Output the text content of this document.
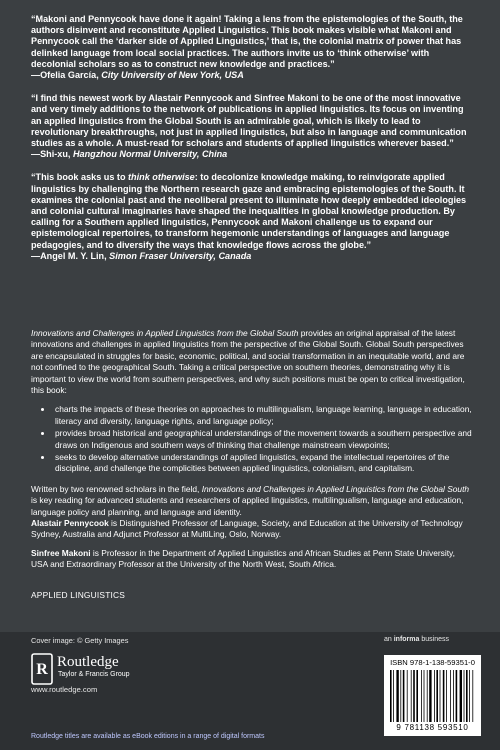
“Makoni and Pennycook have done it again! Taking a lens from the epistemologies of the South, the authors disinvent and reconstitute Applied Linguistics. This book makes visible what Makoni and Pennycook call the ‘darker side of Applied Linguistics,’ that is, the colonial matrix of power that has delinked language from local social practices. The authors invite us to ‘think otherwise’ with decolonial scholars so as to construct new knowledge and practices.”

—Ofelia García, City University of New York, USA

“I find this newest work by Alastair Pennycook and Sinfree Makoni to be one of the most innovative and very timely additions to the network of publications in applied linguistics. Its focus on inventing an applied linguistics from the Global South is an admirable goal, which is likely to lead to revolutionary breakthroughs, not just in applied linguistics, but also in language and communication studies as a whole. A must-read for scholars and students of applied linguistics wherever based.”

—Shi-xu, Hangzhou Normal University, China

“This book asks us to think otherwise: to decolonize knowledge making, to reinvigorate applied linguistics by challenging the Northern research gaze and embracing epistemologies of the South. It examines the colonial past and the neoliberal present to illuminate how deeply embedded ideologies and colonial cultural imaginaries have shaped the inequalities in global knowledge production. By calling for a Southern applied linguistics, Pennycook and Makoni challenge us to expand our epistemological repertoires, to transform hegemonic understandings of languages and language pedagogies, and to diversify the ways that knowledge flows across the globe.”

—Angel M. Y. Lin, Simon Fraser University, Canada

Innovations and Challenges in Applied Linguistics from the Global South provides an original appraisal of the latest innovations and challenges in applied linguistics from the perspective of the Global South. Global South perspectives are encapsulated in struggles for basic, economic, political, and social transformation in an inequitable world, and are not confined to the geographical South. Taking a critical perspective on southern theories, demonstrating why it is important to view the world from southern perspectives, and why such positions must be open to critical investigation, this book:

• charts the impacts of these theories on approaches to multilingualism, language learning, language in education, literacy and diversity, language rights, and language policy;
• provides broad historical and geographical understandings of the movement towards a southern perspective and draws on Indigenous and southern ways of thinking that challenge mainstream viewpoints;
• seeks to develop alternative understandings of applied linguistics, expand the intellectual repertoires of the discipline, and challenge the complicities between applied linguistics, colonialism, and capitalism.

Written by two renowned scholars in the field, Innovations and Challenges in Applied Linguistics from the Global South is key reading for advanced students and researchers of applied linguistics, multilingualism, language and education, language policy and planning, and language and identity.

Alastair Pennycook is Distinguished Professor of Language, Society, and Education at the University of Technology Sydney, Australia and Adjunct Professor at MultiLing, Oslo, Norway.

Sinfree Makoni is Professor in the Department of Applied Linguistics and African Studies at Penn State University, USA and Extraordinary Professor at the University of the North West, South Africa.

APPLIED LINGUISTICS
Cover image: © Getty Images	an informa business
R Routledge
Taylor & Francis Group
www.routledge.com
Routledge titles are available as eBook editions in a range of digital formats
ISBN 978-1-138-59351-0
9 781138 593510
